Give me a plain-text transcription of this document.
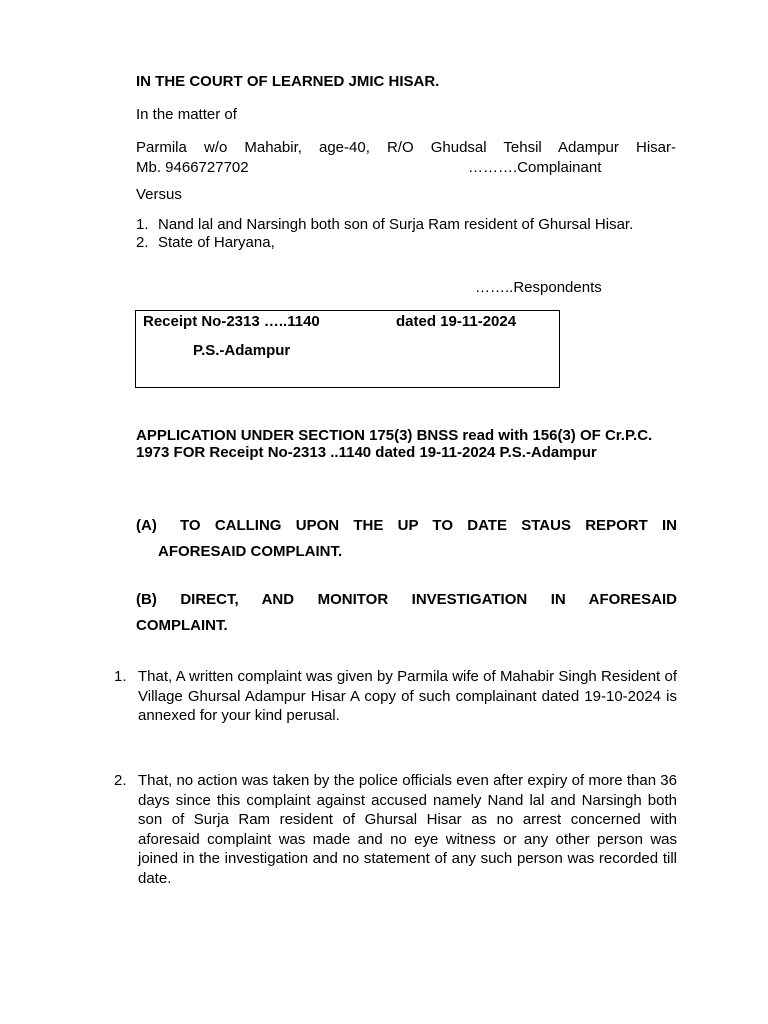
IN THE COURT OF LEARNED JMIC HISAR.
In the matter of
Parmila w/o Mahabir, age-40, R/O Ghudsal Tehsil Adampur Hisar-
Mb. 9466727702	……….Complainant
Versus
1. Nand lal and Narsingh both son of Surja Ram resident of Ghursal Hisar.
2. State of Haryana,
……..Respondents
Receipt No-2313 …..1140	dated 19-11-2024
P.S.-Adampur
APPLICATION UNDER SECTION 175(3) BNSS read with 156(3) OF Cr.P.C. 1973 FOR Receipt No-2313 ..1140 dated 19-11-2024 P.S.-Adampur
(A) TO CALLING UPON THE UP TO DATE STAUS REPORT IN
AFORESAID COMPLAINT.
(B) DIRECT, AND MONITOR INVESTIGATION IN AFORESAID
COMPLAINT.
1. That, A written complaint was given by Parmila wife of Mahabir Singh Resident of Village Ghursal Adampur Hisar A copy of such complainant dated 19-10-2024 is annexed for your kind perusal.
2. That, no action was taken by the police officials even after expiry of more than 36 days since this complaint against accused namely Nand lal and Narsingh both son of Surja Ram resident of Ghursal Hisar as no arrest concerned with aforesaid complaint was made and no eye witness or any other person was joined in the investigation and no statement of any such person was recorded till date.
